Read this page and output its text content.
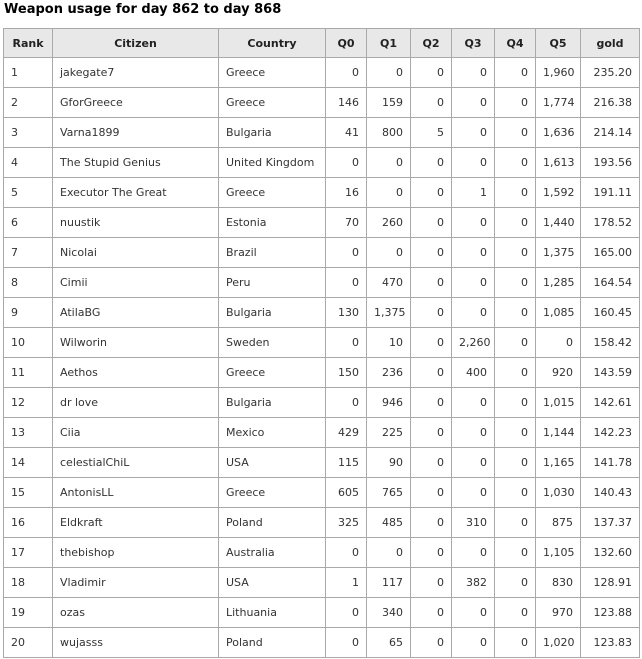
Weapon usage for day 862 to day 868
Rank	Citizen	Country	Q0	Q1	Q2	Q3	Q4	Q5	gold
1	jakegate7	Greece	0	0	0	0	0	1,960	235.20
2	GforGreece	Greece	146	159	0	0	0	1,774	216.38
3	Varna1899	Bulgaria	41	800	5	0	0	1,636	214.14
4	The Stupid Genius	United Kingdom	0	0	0	0	0	1,613	193.56
5	Executor The Great	Greece	16	0	0	1	0	1,592	191.11
6	nuustik	Estonia	70	260	0	0	0	1,440	178.52
7	Nicolai	Brazil	0	0	0	0	0	1,375	165.00
8	Cimii	Peru	0	470	0	0	0	1,285	164.54
9	AtilaBG	Bulgaria	130	1,375	0	0	0	1,085	160.45
10	Wilworin	Sweden	0	10	0	2,260	0	0	158.42
11	Aethos	Greece	150	236	0	400	0	920	143.59
12	dr love	Bulgaria	0	946	0	0	0	1,015	142.61
13	Ciia	Mexico	429	225	0	0	0	1,144	142.23
14	celestialChiL	USA	115	90	0	0	0	1,165	141.78
15	AntonisLL	Greece	605	765	0	0	0	1,030	140.43
16	Eldkraft	Poland	325	485	0	310	0	875	137.37
17	thebishop	Australia	0	0	0	0	0	1,105	132.60
18	Vladimir	USA	1	117	0	382	0	830	128.91
19	ozas	Lithuania	0	340	0	0	0	970	123.88
20	wujasss	Poland	0	65	0	0	0	1,020	123.83
